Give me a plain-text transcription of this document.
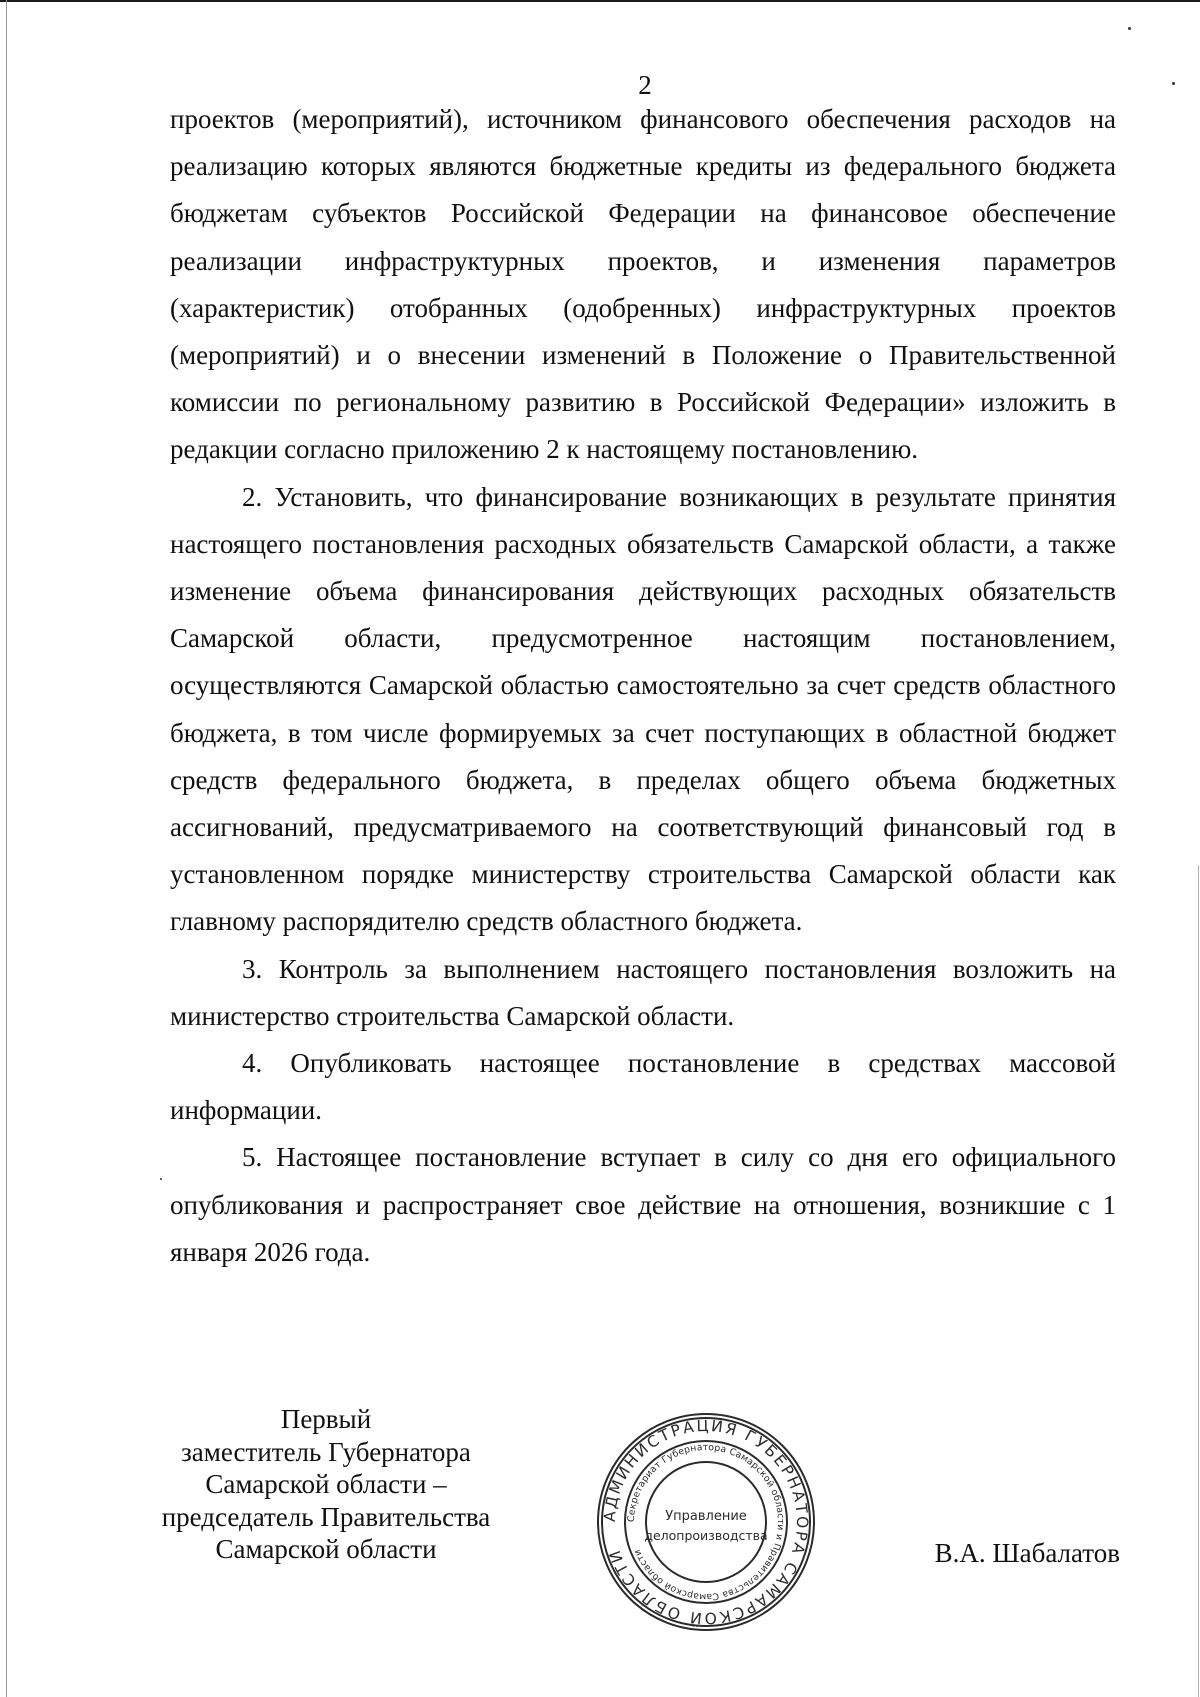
2

проектов (мероприятий), источником финансового обеспечения расходов на реализацию которых являются бюджетные кредиты из федерального бюджета бюджетам субъектов Российской Федерации на финансовое обеспечение реализации инфраструктурных проектов, и изменения параметров (характеристик) отобранных (одобренных) инфраструктурных проектов (мероприятий) и о внесении изменений в Положение о Правительственной комиссии по региональному развитию в Российской Федерации» изложить в редакции согласно приложению 2 к настоящему постановлению.

2. Установить, что финансирование возникающих в результате принятия настоящего постановления расходных обязательств Самарской области, а также изменение объема финансирования действующих расходных обязательств Самарской области, предусмотренное настоящим постановлением, осуществляются Самарской областью самостоятельно за счет средств областного бюджета, в том числе формируемых за счет поступающих в областной бюджет средств федерального бюджета, в пределах общего объема бюджетных ассигнований, предусматриваемого на соответствующий финансовый год в установленном порядке министерству строительства Самарской области как главному распорядителю средств областного бюджета.

3. Контроль за выполнением настоящего постановления возложить на министерство строительства Самарской области.

4. Опубликовать настоящее постановление в средствах массовой информации.

5. Настоящее постановление вступает в силу со дня его официального опубликования и распространяет свое действие на отношения, возникшие с 1 января 2026 года.

Первый
заместитель Губернатора
Самарской области –
председатель Правительства
Самарской области
АДМИНИСТРАЦИЯ ГУБЕРНАТОРА САМАРСКОЙ ОБЛАСТИ
Секретариат Губернатора Самарской области и Правительства Самарской области
Управление
делопроизводства
В.А. Шабалатов
